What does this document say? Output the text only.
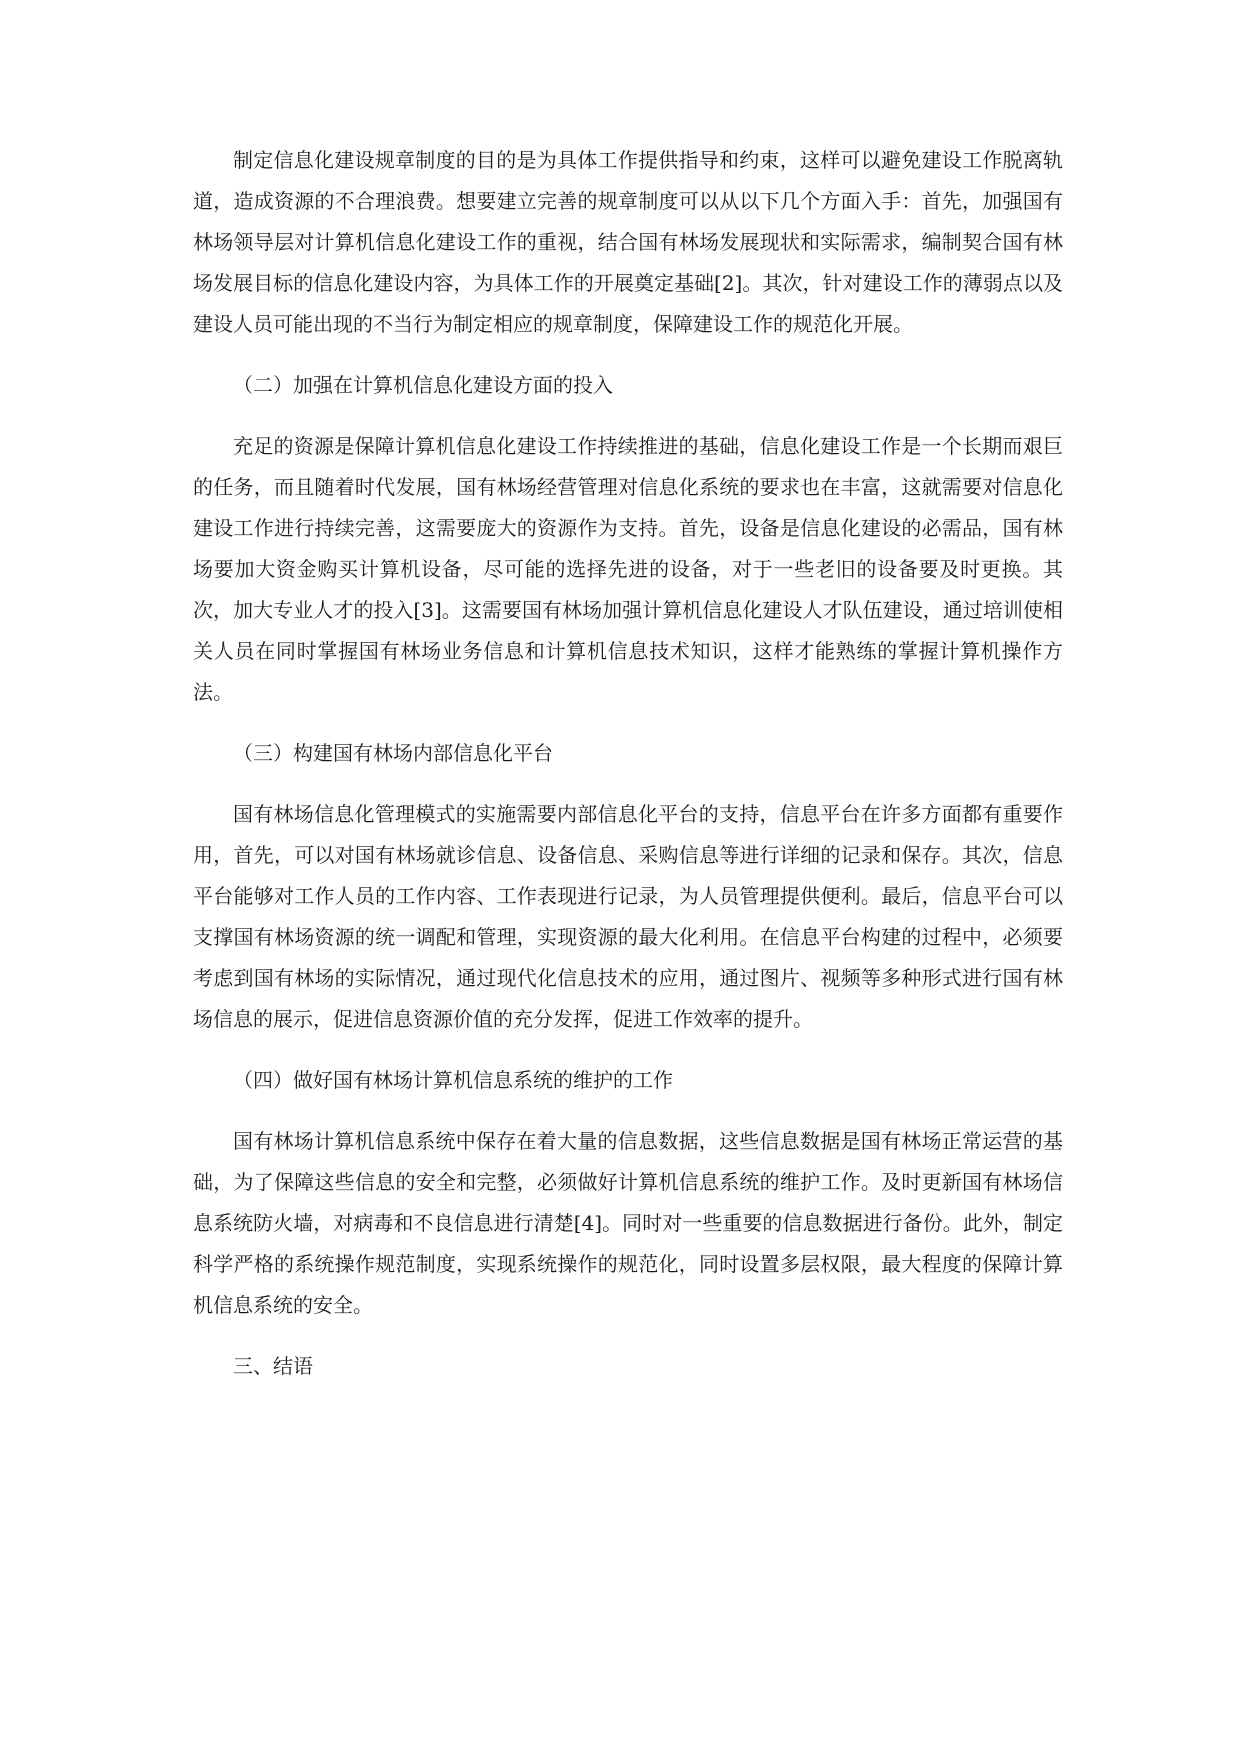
制定信息化建设规章制度的目的是为具体工作提供指导和约束，这样可以避免建设工作脱离轨道，造成资源的不合理浪费。想要建立完善的规章制度可以从以下几个方面入手：首先，加强国有林场领导层对计算机信息化建设工作的重视，结合国有林场发展现状和实际需求，编制契合国有林场发展目标的信息化建设内容，为具体工作的开展奠定基础[2]。其次，针对建设工作的薄弱点以及建设人员可能出现的不当行为制定相应的规章制度，保障建设工作的规范化开展。

（二）加强在计算机信息化建设方面的投入

充足的资源是保障计算机信息化建设工作持续推进的基础，信息化建设工作是一个长期而艰巨的任务，而且随着时代发展，国有林场经营管理对信息化系统的要求也在丰富，这就需要对信息化建设工作进行持续完善，这需要庞大的资源作为支持。首先，设备是信息化建设的必需品，国有林场要加大资金购买计算机设备，尽可能的选择先进的设备，对于一些老旧的设备要及时更换。其次，加大专业人才的投入[3]。这需要国有林场加强计算机信息化建设人才队伍建设，通过培训使相关人员在同时掌握国有林场业务信息和计算机信息技术知识，这样才能熟练的掌握计算机操作方法。

（三）构建国有林场内部信息化平台

国有林场信息化管理模式的实施需要内部信息化平台的支持，信息平台在许多方面都有重要作用，首先，可以对国有林场就诊信息、设备信息、采购信息等进行详细的记录和保存。其次，信息平台能够对工作人员的工作内容、工作表现进行记录，为人员管理提供便利。最后，信息平台可以支撑国有林场资源的统一调配和管理，实现资源的最大化利用。在信息平台构建的过程中，必须要考虑到国有林场的实际情况，通过现代化信息技术的应用，通过图片、视频等多种形式进行国有林场信息的展示，促进信息资源价值的充分发挥，促进工作效率的提升。

（四）做好国有林场计算机信息系统的维护的工作

国有林场计算机信息系统中保存在着大量的信息数据，这些信息数据是国有林场正常运营的基础，为了保障这些信息的安全和完整，必须做好计算机信息系统的维护工作。及时更新国有林场信息系统防火墙，对病毒和不良信息进行清楚[4]。同时对一些重要的信息数据进行备份。此外，制定科学严格的系统操作规范制度，实现系统操作的规范化，同时设置多层权限，最大程度的保障计算机信息系统的安全。

三、结语
